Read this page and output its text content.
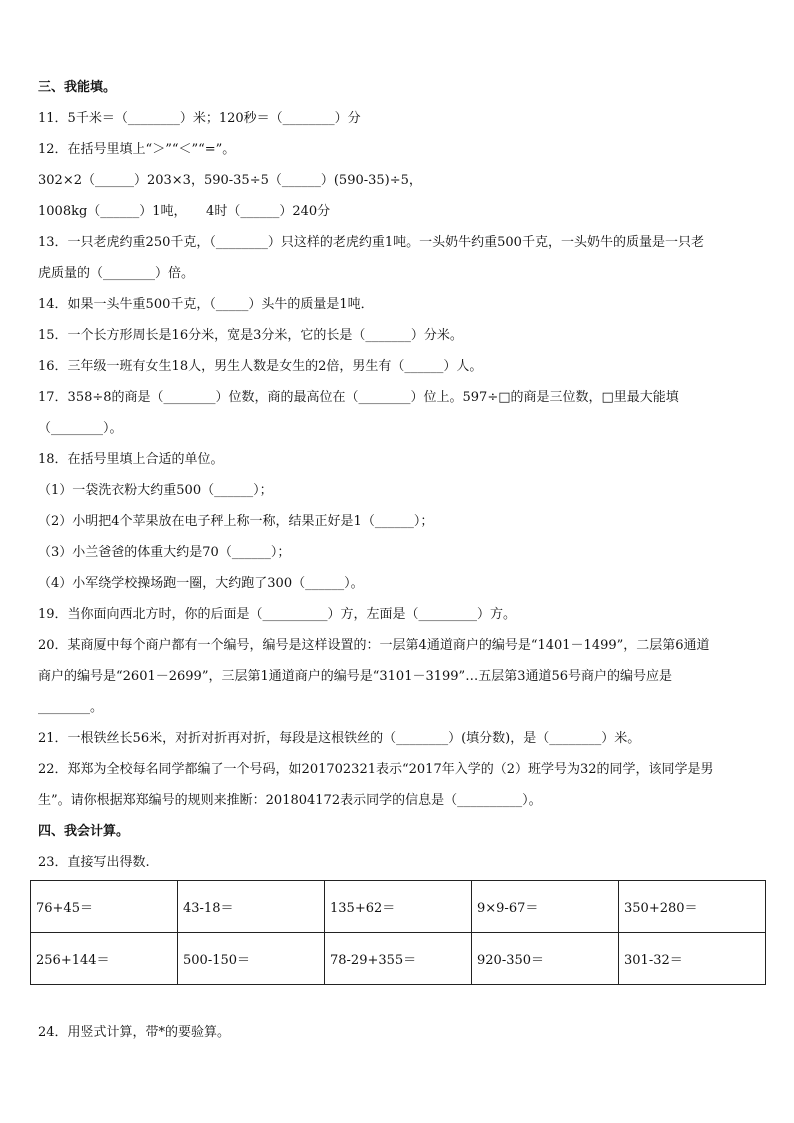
三、我能填。
11．5千米＝（________）米；120秒＝（________）分
12．在括号里填上“＞”“＜”“=”。
302×2（______）203×3，590-35÷5（______）(590-35)÷5，
1008kg（______）1吨，　　4时（______）240分
13．一只老虎约重250千克，（________）只这样的老虎约重1吨。一头奶牛约重500千克，一头奶牛的质量是一只老
虎质量的（________）倍。
14．如果一头牛重500千克，（_____）头牛的质量是1吨．
15．一个长方形周长是16分米，宽是3分米，它的长是（_______）分米。
16．三年级一班有女生18人，男生人数是女生的2倍，男生有（______）人。
17．358÷8的商是（________）位数，商的最高位在（________）位上。597÷□的商是三位数，□里最大能填
（________）。
18．在括号里填上合适的单位。
（1）一袋洗衣粉大约重500（______）；
（2）小明把4个苹果放在电子秤上称一称，结果正好是1（______）；
（3）小兰爸爸的体重大约是70（______）；
（4）小军绕学校操场跑一圈，大约跑了300（______）。
19．当你面向西北方时，你的后面是（__________）方，左面是（_________）方。
20．某商厦中每个商户都有一个编号，编号是这样设置的：一层第4通道商户的编号是“1401－1499”，二层第6通道
商户的编号是“2601－2699”，三层第1通道商户的编号是“3101－3199”…五层第3通道56号商户的编号应是
________。
21．一根铁丝长56米，对折对折再对折，每段是这根铁丝的（________）(填分数)，是（________）米。
22．郑郑为全校每名同学都编了一个号码，如201702321表示“2017年入学的（2）班学号为32的同学，该同学是男
生”。请你根据郑郑编号的规则来推断：201804172表示同学的信息是（__________）。
四、我会计算。
23．直接写出得数.
76+45＝	43-18＝	135+62＝	9×9-67＝	350+280＝
256+144＝	500-150＝	78-29+355＝	920-350＝	301-32＝
24．用竖式计算，带*的要验算。
